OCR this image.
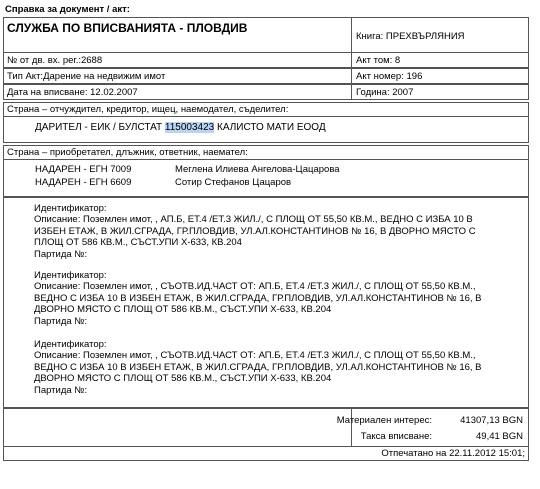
Справка за документ / акт:
СЛУЖБА ПО ВПИСВАНИЯТА - ПЛОВДИВ
Книга: ПРЕХВЪРЛЯНИЯ
№ от дв. вх. рег.:2688	Акт том: 8
Тип Акт:Дарение на недвижим имот	Акт номер: 196
Дата на вписване: 12.02.2007	Година: 2007
Страна – отчуждител, кредитор, ищец, наемодател, съделител:
ДАРИТЕЛ - ЕИК / БУЛСТАТ 115003423 КАЛИСТО МАТИ ЕООД
Страна – приобретател, длъжник, ответник, наемател:
НАДАРЕН - ЕГН 7009	Меглена Илиева Ангелова-Цацарова
НАДАРЕН - ЕГН 6609	Сотир Стефанов Цацаров
Идентификатор:
Описание: Поземлен имот, , АП.Б, ЕТ.4 /ЕТ.3 ЖИЛ./, С ПЛОЩ ОТ 55,50 КВ.М., ВЕДНО С ИЗБА 10 В
ИЗБЕН ЕТАЖ, В ЖИЛ.СГРАДА, ГР.ПЛОВДИВ, УЛ.АЛ.КОНСТАНТИНОВ № 16, В ДВОРНО МЯСТО С
ПЛОЩ ОТ 586 КВ.М., СЪСТ.УПИ Х-633, КВ.204
Партида №:
Идентификатор:
Описание: Поземлен имот, , СЪОТВ.ИД.ЧАСТ ОТ: АП.Б, ЕТ.4 /ЕТ.3 ЖИЛ./, С ПЛОЩ ОТ 55,50 КВ.М.,
ВЕДНО С ИЗБА 10 В ИЗБЕН ЕТАЖ, В ЖИЛ.СГРАДА, ГР.ПЛОВДИВ, УЛ.АЛ.КОНСТАНТИНОВ № 16, В
ДВОРНО МЯСТО С ПЛОЩ ОТ 586 КВ.М., СЪСТ.УПИ Х-633, КВ.204
Партида №:
Идентификатор:
Описание: Поземлен имот, , СЪОТВ.ИД.ЧАСТ ОТ: АП.Б, ЕТ.4 /ЕТ.3 ЖИЛ./, С ПЛОЩ ОТ 55,50 КВ.М.,
ВЕДНО С ИЗБА 10 В ИЗБЕН ЕТАЖ, В ЖИЛ.СГРАДА, ГР.ПЛОВДИВ, УЛ.АЛ.КОНСТАНТИНОВ № 16, В
ДВОРНО МЯСТО С ПЛОЩ ОТ 586 КВ.М., СЪСТ.УПИ Х-633, КВ.204
Партида №:
Материален интерес:	41307,13 BGN
Такса вписване:	49,41 BGN
Отпечатано на 22.11.2012 15:01;
